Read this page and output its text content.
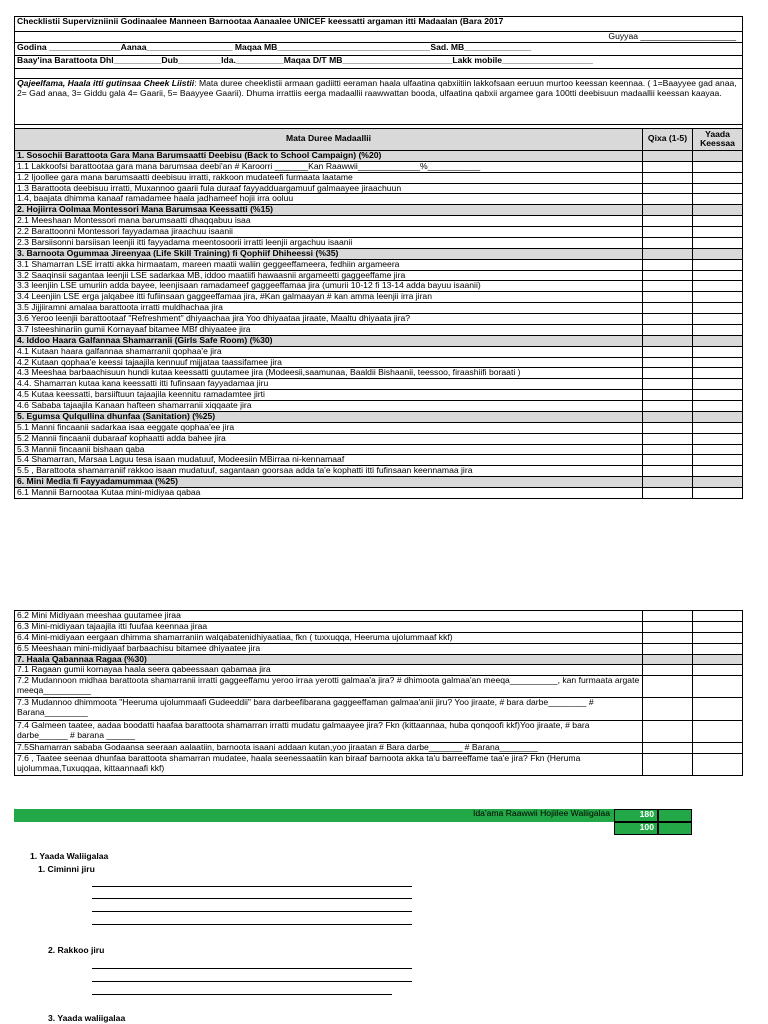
Checklistii Supervizniinii Godinaalee Manneen Barnootaa Aanaalee UNICEF keessatti argaman itti Madaalan (Bara 2017		
Guyyaa ____________________		
Godina _______________Aanaa__________________ Maqaa MB________________________________Sad. MB______________		
Baay'ina Barattoota Dhl__________Dub_________Ida.__________Maqaa D/T MB_______________________Lakk mobile___________________		

Qajeelfama, Haala itti gutinsaa Cheek Liistii: Mata duree cheeklistii armaan gadiitti eeraman haala ulfaatina qabxiitiin lakkofsaan eeruun murtoo keessan keennaa. ( 1=Baayyee gad anaa, 2= Gad anaa, 3= Giddu gala 4= Gaarii, 5= Baayyee Gaarii). Dhuma irrattiis eerga madaallii raawwattan booda, ulfaatina qabxii argamee gara 100tti deebisuun madaallii keessan kaayaa.		

Mata Duree Madaallii	Qixa (1-5)	Yaada Keessaa
1. Sosochii Barattoota Gara Mana Barumsaatti Deebisu (Back to School Campaign) (%20)		
1.1 Lakkoofsi barattootaa gara mana barumsaa deebi'an # Karoorri _______Kan Raawwii_____________%___________		
1.2 Ijoollee gara mana barumsaatti deebisuu irratti, rakkoon mudateefi furmaata laatame		
1.3 Barattoota deebisuu irratti, Muxannoo gaarii fula duraaf fayyadduargamuuf galmaayee jiraachuun		
1.4, baajata dhimma kanaaf ramadamee haala jadhameef hojii irra ooluu		
2. Hojiirra Oolmaa Montessori Mana Barumsaa Keessatti (%15)		
2.1 Meeshaan Montessori mana barumsaatti dhaqqabuu isaa		
2.2 Barattoonni Montessori fayyadamaa jiraachuu isaanii		
2.3 Barsiisonni barsiisan leenjii itti fayyadama meentosoorii irratti leenjii argachuu isaanii		
3. Barnoota Ogummaa Jireenyaa (Life Skill Training) fi Qophiif Dhiheessi (%35)		
3.1 Shamarran LSE irratti akka hirmaatam, mareen maatii waliin geggeeffameera, fedhiin argameera		
3.2 Saaqinsii sagantaa leenjii LSE sadarkaa MB, iddoo maatiifi hawaasnii argameetti gaggeeffame jira		
3.3 leenjiin LSE umuriin adda bayee, leenjisaan ramadameef gaggeeffamaa jira (umurii 10-12 fi 13-14 adda bayuu isaanii)		
3.4 Leenjiin LSE erga jalqabee itti fufiinsaan gaggeeffamaa jira, #Kan galmaayan # kan amma leenjii irra jiran		
3.5 Jijjiiramni amalaa barattoota irratti muldhachaa jira		
3.6 Yeroo leenjii barattootaaf "Refreshment" dhiyaachaa jira Yoo dhiyaataa jiraate, Maaltu dhiyaata jira?		
3.7 Isteeshinariin gumii Kornayaaf bitamee MBf dhiyaatee jira		
4. Iddoo Haara Galfannaa Shamarranii (Girls Safe Room) (%30)		
4.1 Kutaan haara galfannaa shamarranii qophaa'e jira		
4.2 Kutaan qophaa'e keessi tajaajila kennuuf mijjataa taassifamee jira		
4.3 Meeshaa barbaachisuun hundi kutaa keessatti guutamee jira (Modeesii,saamunaa, Baaldii Bishaanii, teessoo, firaashiifi boraati )		
4.4. Shamarran kutaa kana keessatti itti fufinsaan fayyadamaa jiru		
4.5 Kutaa keessatti, barsiiftuun tajaajila keennitu ramadamtee jirti		
4.6 Sababa tajaajila Kanaan hafteen shamarranii xiqqaate jira		
5. Egumsa Qulqullina dhunfaa (Sanitation) (%25)		
5.1 Manni fincaanii sadarkaa isaa eeggate qophaa'ee jira		
5.2 Mannii fincaanii dubaraaf kophaatti adda bahee jira		
5.3 Mannii fincaanii bishaan qaba		
5.4 Shamarran, Marsaa Laguu tesa isaan mudatuuf, Modeesiin MBirraa ni-kennamaaf		
5.5 , Barattoota shamarraniif rakkoo isaan mudatuuf, sagantaan goorsaa adda ta'e kophatti itti fufinsaan keennamaa jira		
6. Mini Media fi Fayyadamummaa (%25)		
6.1 Mannii Barnootaa Kutaa mini-midiyaa qabaa		
6.2 Mini Midiyaan meeshaa guutamee jiraa		
6.3 Mini-midiyaan tajaajila itti fuufaa keennaa jiraa		
6.4 Mini-midiyaan eergaan dhimma shamarraniin walqabatenidhiyaatiaa, fkn ( tuxxuqqa, Heeruma ujolummaaf kkf)		
6.5 Meeshaan mini-midiyaaf barbaachisu bitamee dhiyaatee jira		
7. Haala Qabannaa Ragaa (%30)		
7.1 Ragaan gumii kornayaa haala seera qabeessaan qabamaa jira		
7.2 Mudannoon midhaa barattoota shamarranii irratti gaggeeffamu yeroo irraa yerotti galmaa'a jira? # dhimoota galmaa'an meeqa__________, kan furmaata argate meeqa__________		
7.3 Mudannoo dhimmoota "Heeruma ujolummaafi Gudeeddii" bara darbeefibarana gaggeeffaman galmaa'anii jiru? Yoo jiraate, # bara darbe________ # Barana_________		
7.4 Galmeen taatee, aadaa boodatti haafaa barattoota shamarran irratti mudatu galmaayee jira? Fkn (kittaannaa, huba qonqoofi kkf)Yoo jiraate, # bara darbe______ # barana ______		
7.5Shamarran sababa Godaansa seeraan aalaatiin, barnoota isaani addaan kutan,yoo jiraatan # Bara darbe_______ # Barana________		
7.6 , Taatee seenaa dhunfaa barattoota shamarran mudatee, haala seenessaatiin kan biraaf barnoota akka ta'u barreeffame taa'e jira? Fkn (Heruma ujolummaa,Tuxuqqaa, kittaannaafi kkf)		
Ida'ama Raawwii Hojiilee Waliigalaa	180
100
1. Yaada Waliigalaa
1. Ciminni jiru
2. Rakkoo jiru
3. Yaada waliigalaa
